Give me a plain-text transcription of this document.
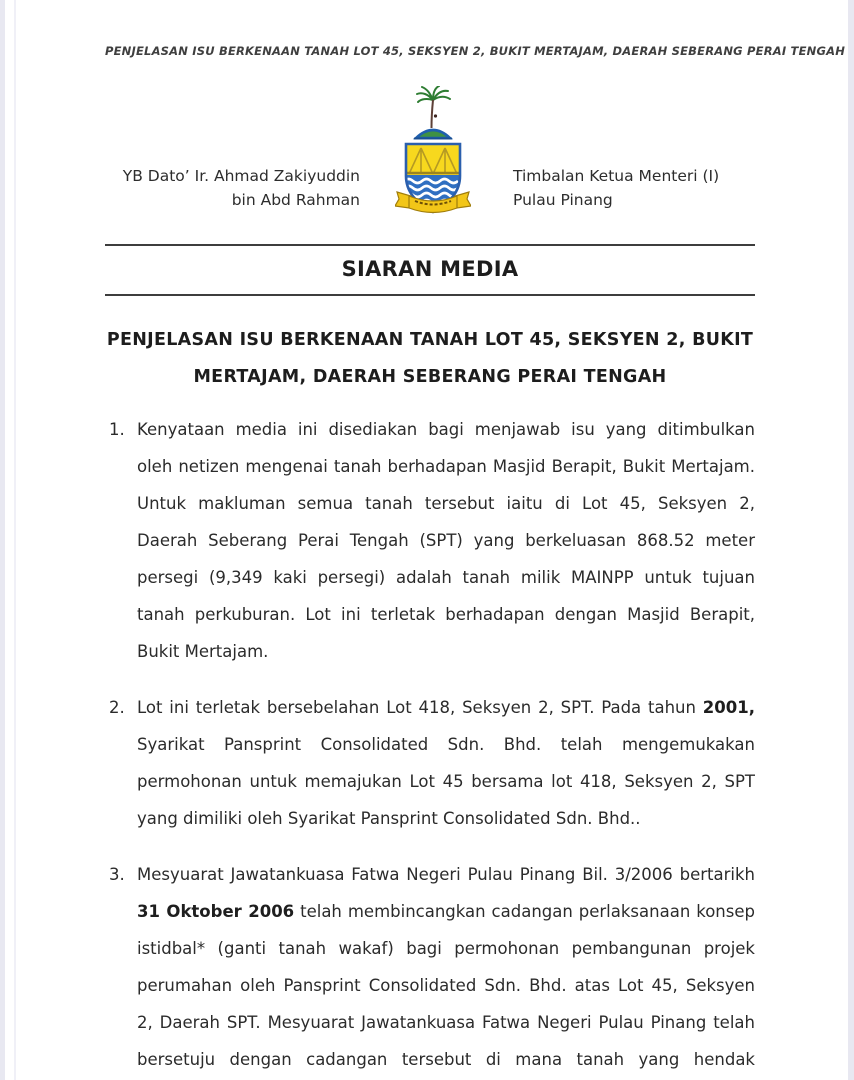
PENJELASAN ISU BERKENAAN TANAH LOT 45, SEKSYEN 2, BUKIT MERTAJAM, DAERAH SEBERANG PERAI TENGAH
YB Dato’ Ir. Ahmad Zakiyuddin
bin Abd Rahman
Timbalan Ketua Menteri (I)
Pulau Pinang
SIARAN MEDIA
PENJELASAN ISU BERKENAAN TANAH LOT 45, SEKSYEN 2, BUKIT
MERTAJAM, DAERAH SEBERANG PERAI TENGAH
1. Kenyataan media ini disediakan bagi menjawab isu yang ditimbulkan
oleh netizen mengenai tanah berhadapan Masjid Berapit, Bukit Mertajam.
Untuk makluman semua tanah tersebut iaitu di Lot 45, Seksyen 2,
Daerah Seberang Perai Tengah (SPT) yang berkeluasan 868.52 meter
persegi (9,349 kaki persegi) adalah tanah milik MAINPP untuk tujuan
tanah perkuburan. Lot ini terletak berhadapan dengan Masjid Berapit,
Bukit Mertajam.
2. Lot ini terletak bersebelahan Lot 418, Seksyen 2, SPT. Pada tahun 2001,
Syarikat Pansprint Consolidated Sdn. Bhd. telah mengemukakan
permohonan untuk memajukan Lot 45 bersama lot 418, Seksyen 2, SPT
yang dimiliki oleh Syarikat Pansprint Consolidated Sdn. Bhd..
3. Mesyuarat Jawatankuasa Fatwa Negeri Pulau Pinang Bil. 3/2006 bertarikh
31 Oktober 2006 telah membincangkan cadangan perlaksanaan konsep
istidbal* (ganti tanah wakaf) bagi permohonan pembangunan projek
perumahan oleh Pansprint Consolidated Sdn. Bhd. atas Lot 45, Seksyen
2, Daerah SPT. Mesyuarat Jawatankuasa Fatwa Negeri Pulau Pinang telah
bersetuju dengan cadangan tersebut di mana tanah yang hendak
